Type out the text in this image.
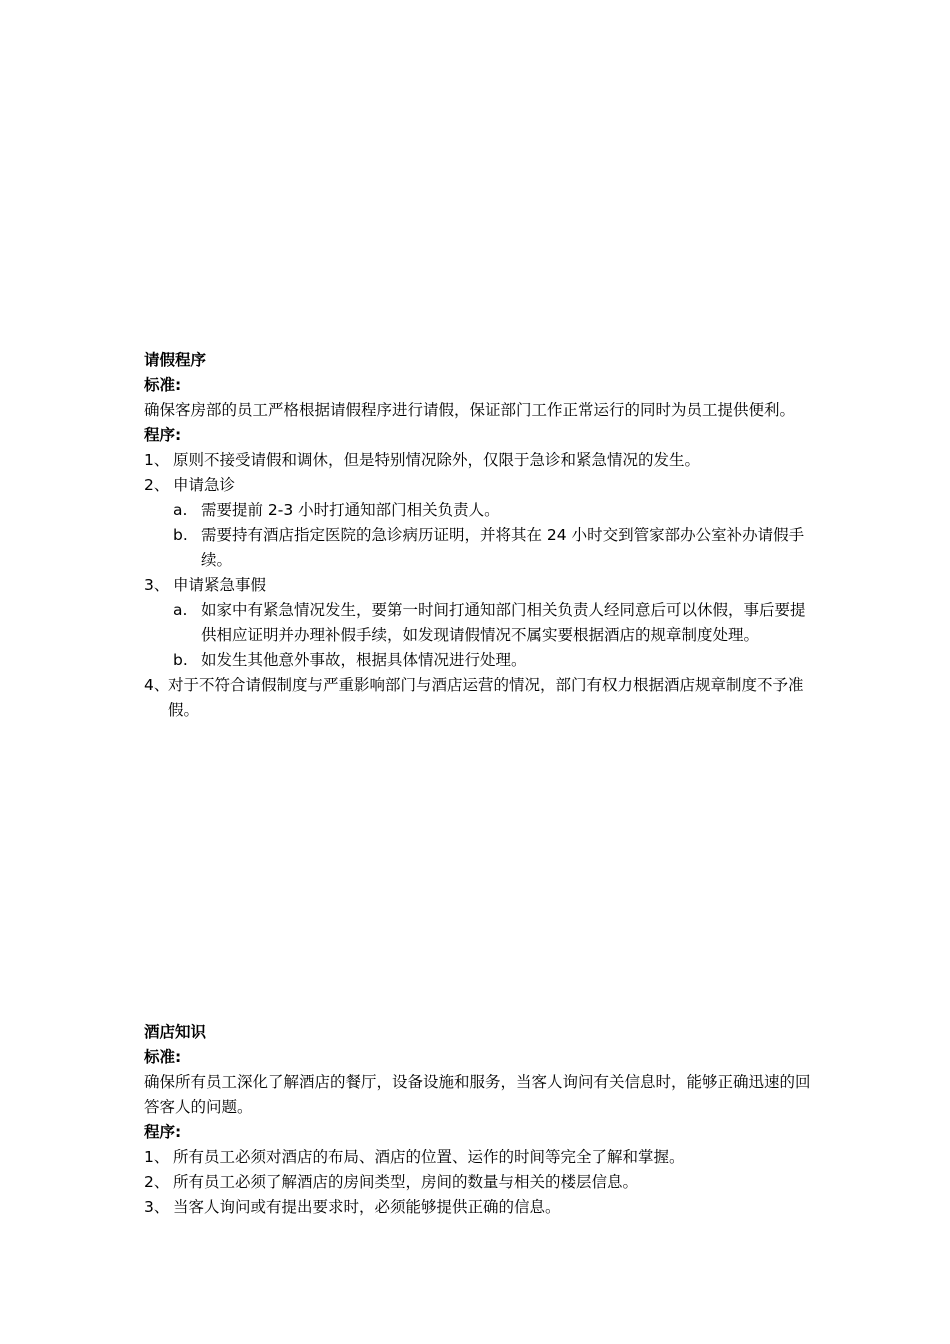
请假程序
标准:
确保客房部的员工严格根据请假程序进行请假，保证部门工作正常运行的同时为员工提供便利。
程序:
1、 原则不接受请假和调休，但是特别情况除外，仅限于急诊和紧急情况的发生。
2、 申请急诊
a. 需要提前 2-3 小时打通知部门相关负责人。
b. 需要持有酒店指定医院的急诊病历证明，并将其在 24 小时交到管家部办公室补办请假手续。
3、 申请紧急事假
a. 如家中有紧急情况发生，要第一时间打通知部门相关负责人经同意后可以休假，事后要提供相应证明并办理补假手续，如发现请假情况不属实要根据酒店的规章制度处理。
b. 如发生其他意外事故，根据具体情况进行处理。
4、
对于不符合请假制度与严重影响部门与酒店运营的情况，部门有权力根据酒店规章制度不予准假。
酒店知识
标准:
确保所有员工深化了解酒店的餐厅，设备设施和服务，当客人询问有关信息时，能够正确迅速的回答客人的问题。
程序:
1、 所有员工必须对酒店的布局、酒店的位置、运作的时间等完全了解和掌握。
2、 所有员工必须了解酒店的房间类型，房间的数量与相关的楼层信息。
3、 当客人询问或有提出要求时，必须能够提供正确的信息。
